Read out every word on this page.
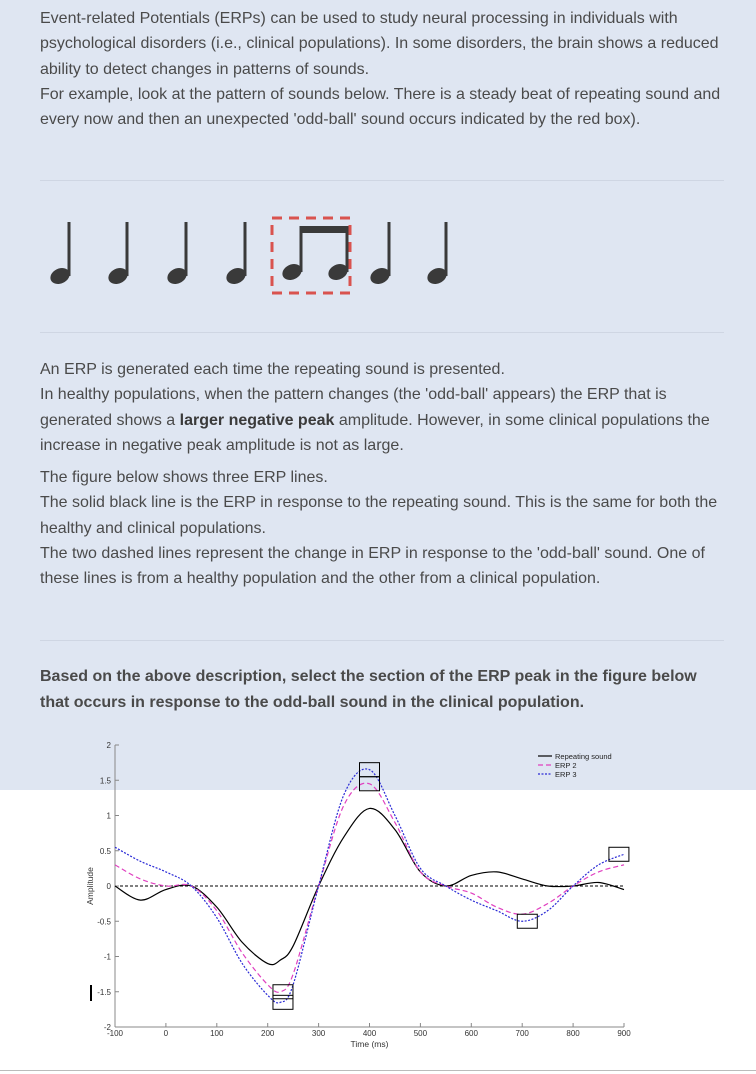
Event-related Potentials (ERPs) can be used to study neural processing in individuals with psychological disorders (i.e., clinical populations). In some disorders, the brain shows a reduced ability to detect changes in patterns of sounds.
For example, look at the pattern of sounds below. There is a steady beat of repeating sound and every now and then an unexpected 'odd-ball' sound occurs indicated by the red box).
An ERP is generated each time the repeating sound is presented.
In healthy populations, when the pattern changes (the 'odd-ball' appears) the ERP that is generated shows a larger negative peak amplitude. However, in some clinical populations the increase in negative peak amplitude is not as large.
The figure below shows three ERP lines.
The solid black line is the ERP in response to the repeating sound. This is the same for both the healthy and clinical populations.
The two dashed lines represent the change in ERP in response to the 'odd-ball' sound. One of these lines is from a healthy population and the other from a clinical population.
Based on the above description, select the section of the ERP peak in the figure below that occurs in response to the odd-ball sound in the clinical population.
2
1.5
1
0.5
0
-0.5
-1
-1.5
-2
-100	0	100	200	300	400	500	600	700	800	900
Time (ms)
Amplitude
Repeating sound
ERP 2
ERP 3
